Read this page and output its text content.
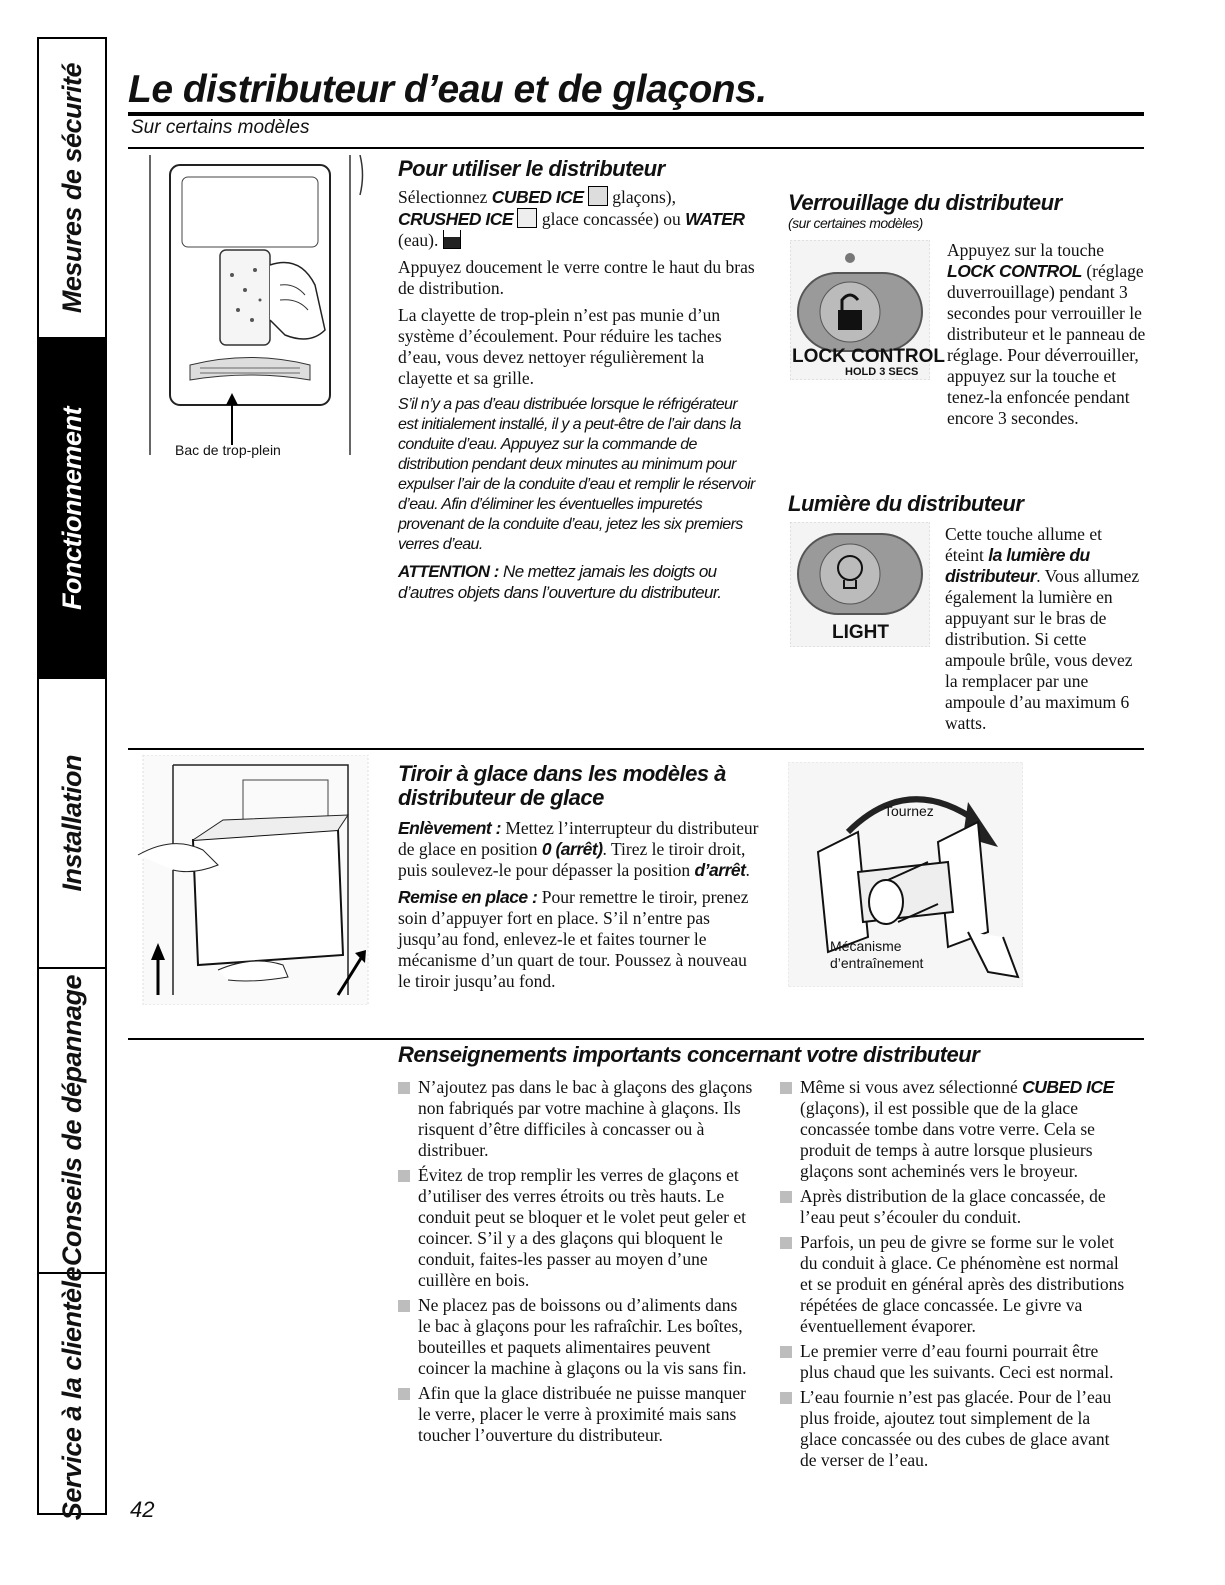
Mesures de sécurité
Fonctionnement
Installation
Conseils de dépannage
Service à la clientèle
Le distributeur d’eau et de glaçons.
Sur certains modèles
Bac de trop-plein
Pour utiliser le distributeur

Sélectionnez CUBED ICE  glaçons), CRUSHED ICE  glace concassée) ou WATER (eau).

Appuyez doucement le verre contre le haut du bras de distribution.

La clayette de trop-plein n’est pas munie d’un système d’écoulement. Pour réduire les taches d’eau, vous devez nettoyer régulièrement la clayette et sa grille.

S’il n’y a pas d’eau distribuée lorsque le réfrigérateur est initialement installé, il y a peut-être de l’air dans la conduite d’eau. Appuyez sur la commande de distribution pendant deux minutes au minimum pour expulser l’air de la conduite d’eau et remplir le réservoir d’eau. Afin d’éliminer les éventuelles impuretés provenant de la conduite d’eau, jetez les six premiers verres d’eau.

ATTENTION : Ne mettez jamais les doigts ou d’autres objets dans l’ouverture du distributeur.

Verrouillage du distributeur
(sur certaines modèles)
LOCK CONTROL
HOLD 3 SECS

Appuyez sur la touche LOCK CONTROL (réglage duverrouillage) pendant 3 secondes pour verrouiller le distributeur et le panneau de réglage. Pour déverrouiller, appuyez sur la touche et tenez-la enfoncée pendant encore 3 secondes.

Lumière du distributeur
LIGHT

Cette touche allume et éteint la lumière du distributeur. Vous allumez également la lumière en appuyant sur le bras de distribution. Si cette ampoule brûle, vous devez la remplacer par une ampoule d’au maximum 6 watts.

Tiroir à glace dans les modèles à distributeur de glace

Enlèvement : Mettez l’interrupteur du distributeur de glace en position 0 (arrêt). Tirez le tiroir droit, puis soulevez-le pour dépasser la position d’arrêt.

Remise en place : Pour remettre le tiroir, prenez soin d’appuyer fort en place. S’il n’entre pas jusqu’au fond, enlevez-le et faites tourner le mécanisme d’un quart de tour. Poussez à nouveau le tiroir jusqu’au fond.

Tournez
Mécanisme
d’entraînement
Renseignements importants concernant votre distributeur
N’ajoutez pas dans le bac à glaçons des glaçons non fabriqués par votre machine à glaçons. Ils risquent d’être difficiles à concasser ou à distribuer.
Évitez de trop remplir les verres de glaçons et d’utiliser des verres étroits ou très hauts. Le conduit peut se bloquer et le volet peut geler et coincer. S’il y a des glaçons qui bloquent le conduit, faites-les passer au moyen d’une cuillère en bois.
Ne placez pas de boissons ou d’aliments dans le bac à glaçons pour les rafraîchir. Les boîtes, bouteilles et paquets alimentaires peuvent coincer la machine à glaçons ou la vis sans fin.
Afin que la glace distribuée ne puisse manquer le verre, placer le verre à proximité mais sans toucher l’ouverture du distributeur.
Même si vous avez sélectionné CUBED ICE (glaçons), il est possible que de la glace concassée tombe dans votre verre. Cela se produit de temps à autre lorsque plusieurs glaçons sont acheminés vers le broyeur.
Après distribution de la glace concassée, de l’eau peut s’écouler du conduit.
Parfois, un peu de givre se forme sur le volet du conduit à glace. Ce phénomène est normal et se produit en général après des distributions répétées de glace concassée. Le givre va éventuellement évaporer.
Le premier verre d’eau fourni pourrait être plus chaud que les suivants. Ceci est normal.
L’eau fournie n’est pas glacée. Pour de l’eau plus froide, ajoutez tout simplement de la glace concassée ou des cubes de glace avant de verser de l’eau.
42
